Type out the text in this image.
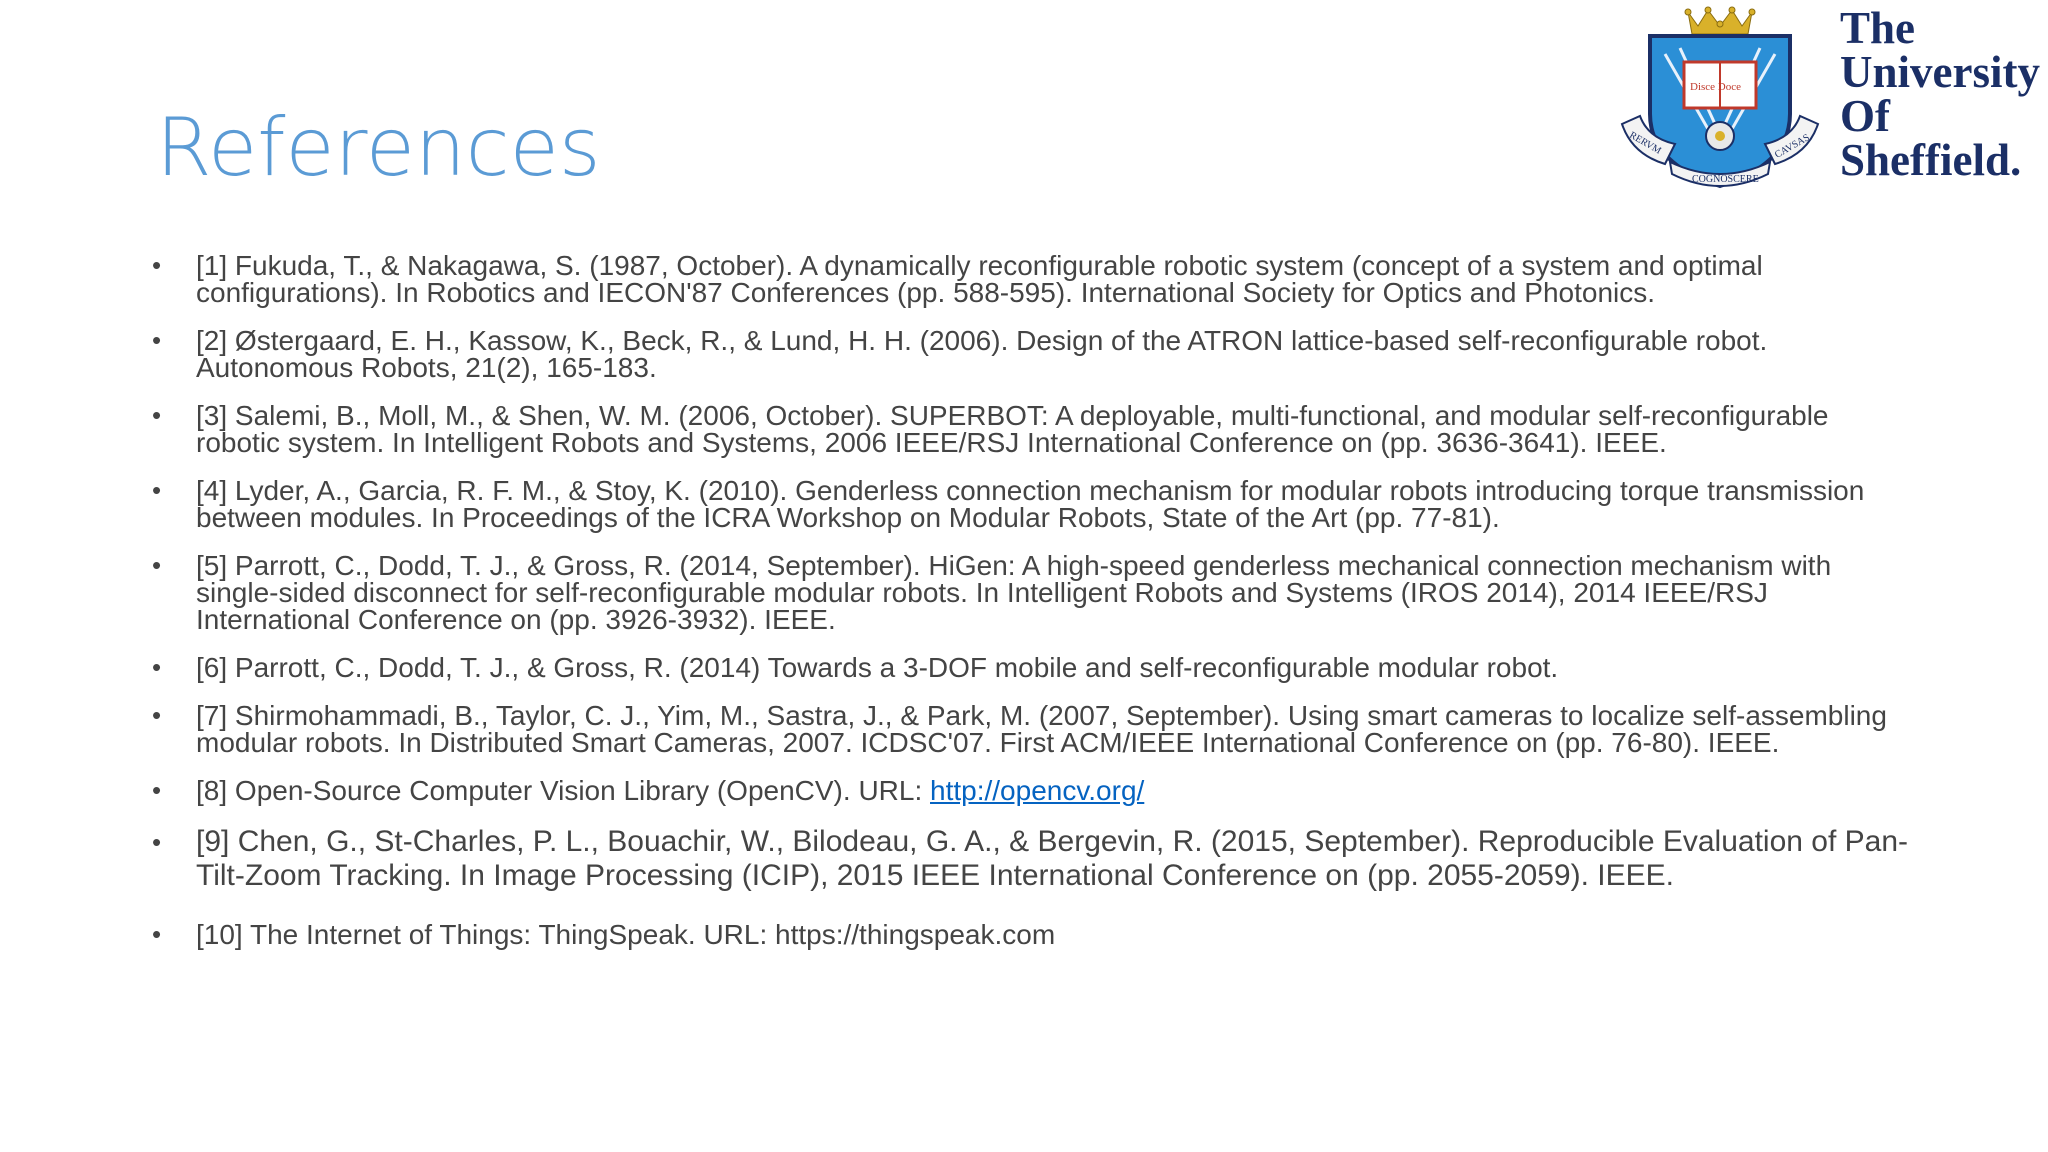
References
Disce Doce
RERVM	CAVSAS
COGNOSCERE
The
University
Of
Sheffield.
• [1] Fukuda, T., & Nakagawa, S. (1987, October). A dynamically reconfigurable robotic system (concept of a system and optimal configurations). In Robotics and IECON'87 Conferences (pp. 588-595). International Society for Optics and Photonics.
• [2] Østergaard, E. H., Kassow, K., Beck, R., & Lund, H. H. (2006). Design of the ATRON lattice-based self-reconfigurable robot. Autonomous Robots, 21(2), 165-183.
• [3] Salemi, B., Moll, M., & Shen, W. M. (2006, October). SUPERBOT: A deployable, multi-functional, and modular self-reconfigurable robotic system. In Intelligent Robots and Systems, 2006 IEEE/RSJ International Conference on (pp. 3636-3641). IEEE.
• [4] Lyder, A., Garcia, R. F. M., & Stoy, K. (2010). Genderless connection mechanism for modular robots introducing torque transmission between modules. In Proceedings of the ICRA Workshop on Modular Robots, State of the Art (pp. 77-81).
• [5] Parrott, C., Dodd, T. J., & Gross, R. (2014, September). HiGen: A high-speed genderless mechanical connection mechanism with single-sided disconnect for self-reconfigurable modular robots. In Intelligent Robots and Systems (IROS 2014), 2014 IEEE/RSJ International Conference on (pp. 3926-3932). IEEE.
• [6] Parrott, C., Dodd, T. J., & Gross, R. (2014) Towards a 3-DOF mobile and self-reconfigurable modular robot.
• [7] Shirmohammadi, B., Taylor, C. J., Yim, M., Sastra, J., & Park, M. (2007, September). Using smart cameras to localize self-assembling modular robots. In Distributed Smart Cameras, 2007. ICDSC'07. First ACM/IEEE International Conference on (pp. 76-80). IEEE.
• [8] Open-Source Computer Vision Library (OpenCV). URL: http://opencv.org/
• [9] Chen, G., St-Charles, P. L., Bouachir, W., Bilodeau, G. A., & Bergevin, R. (2015, September). Reproducible Evaluation of Pan-Tilt-Zoom Tracking. In Image Processing (ICIP), 2015 IEEE International Conference on (pp. 2055-2059). IEEE.
• [10] The Internet of Things: ThingSpeak. URL: https://thingspeak.com
